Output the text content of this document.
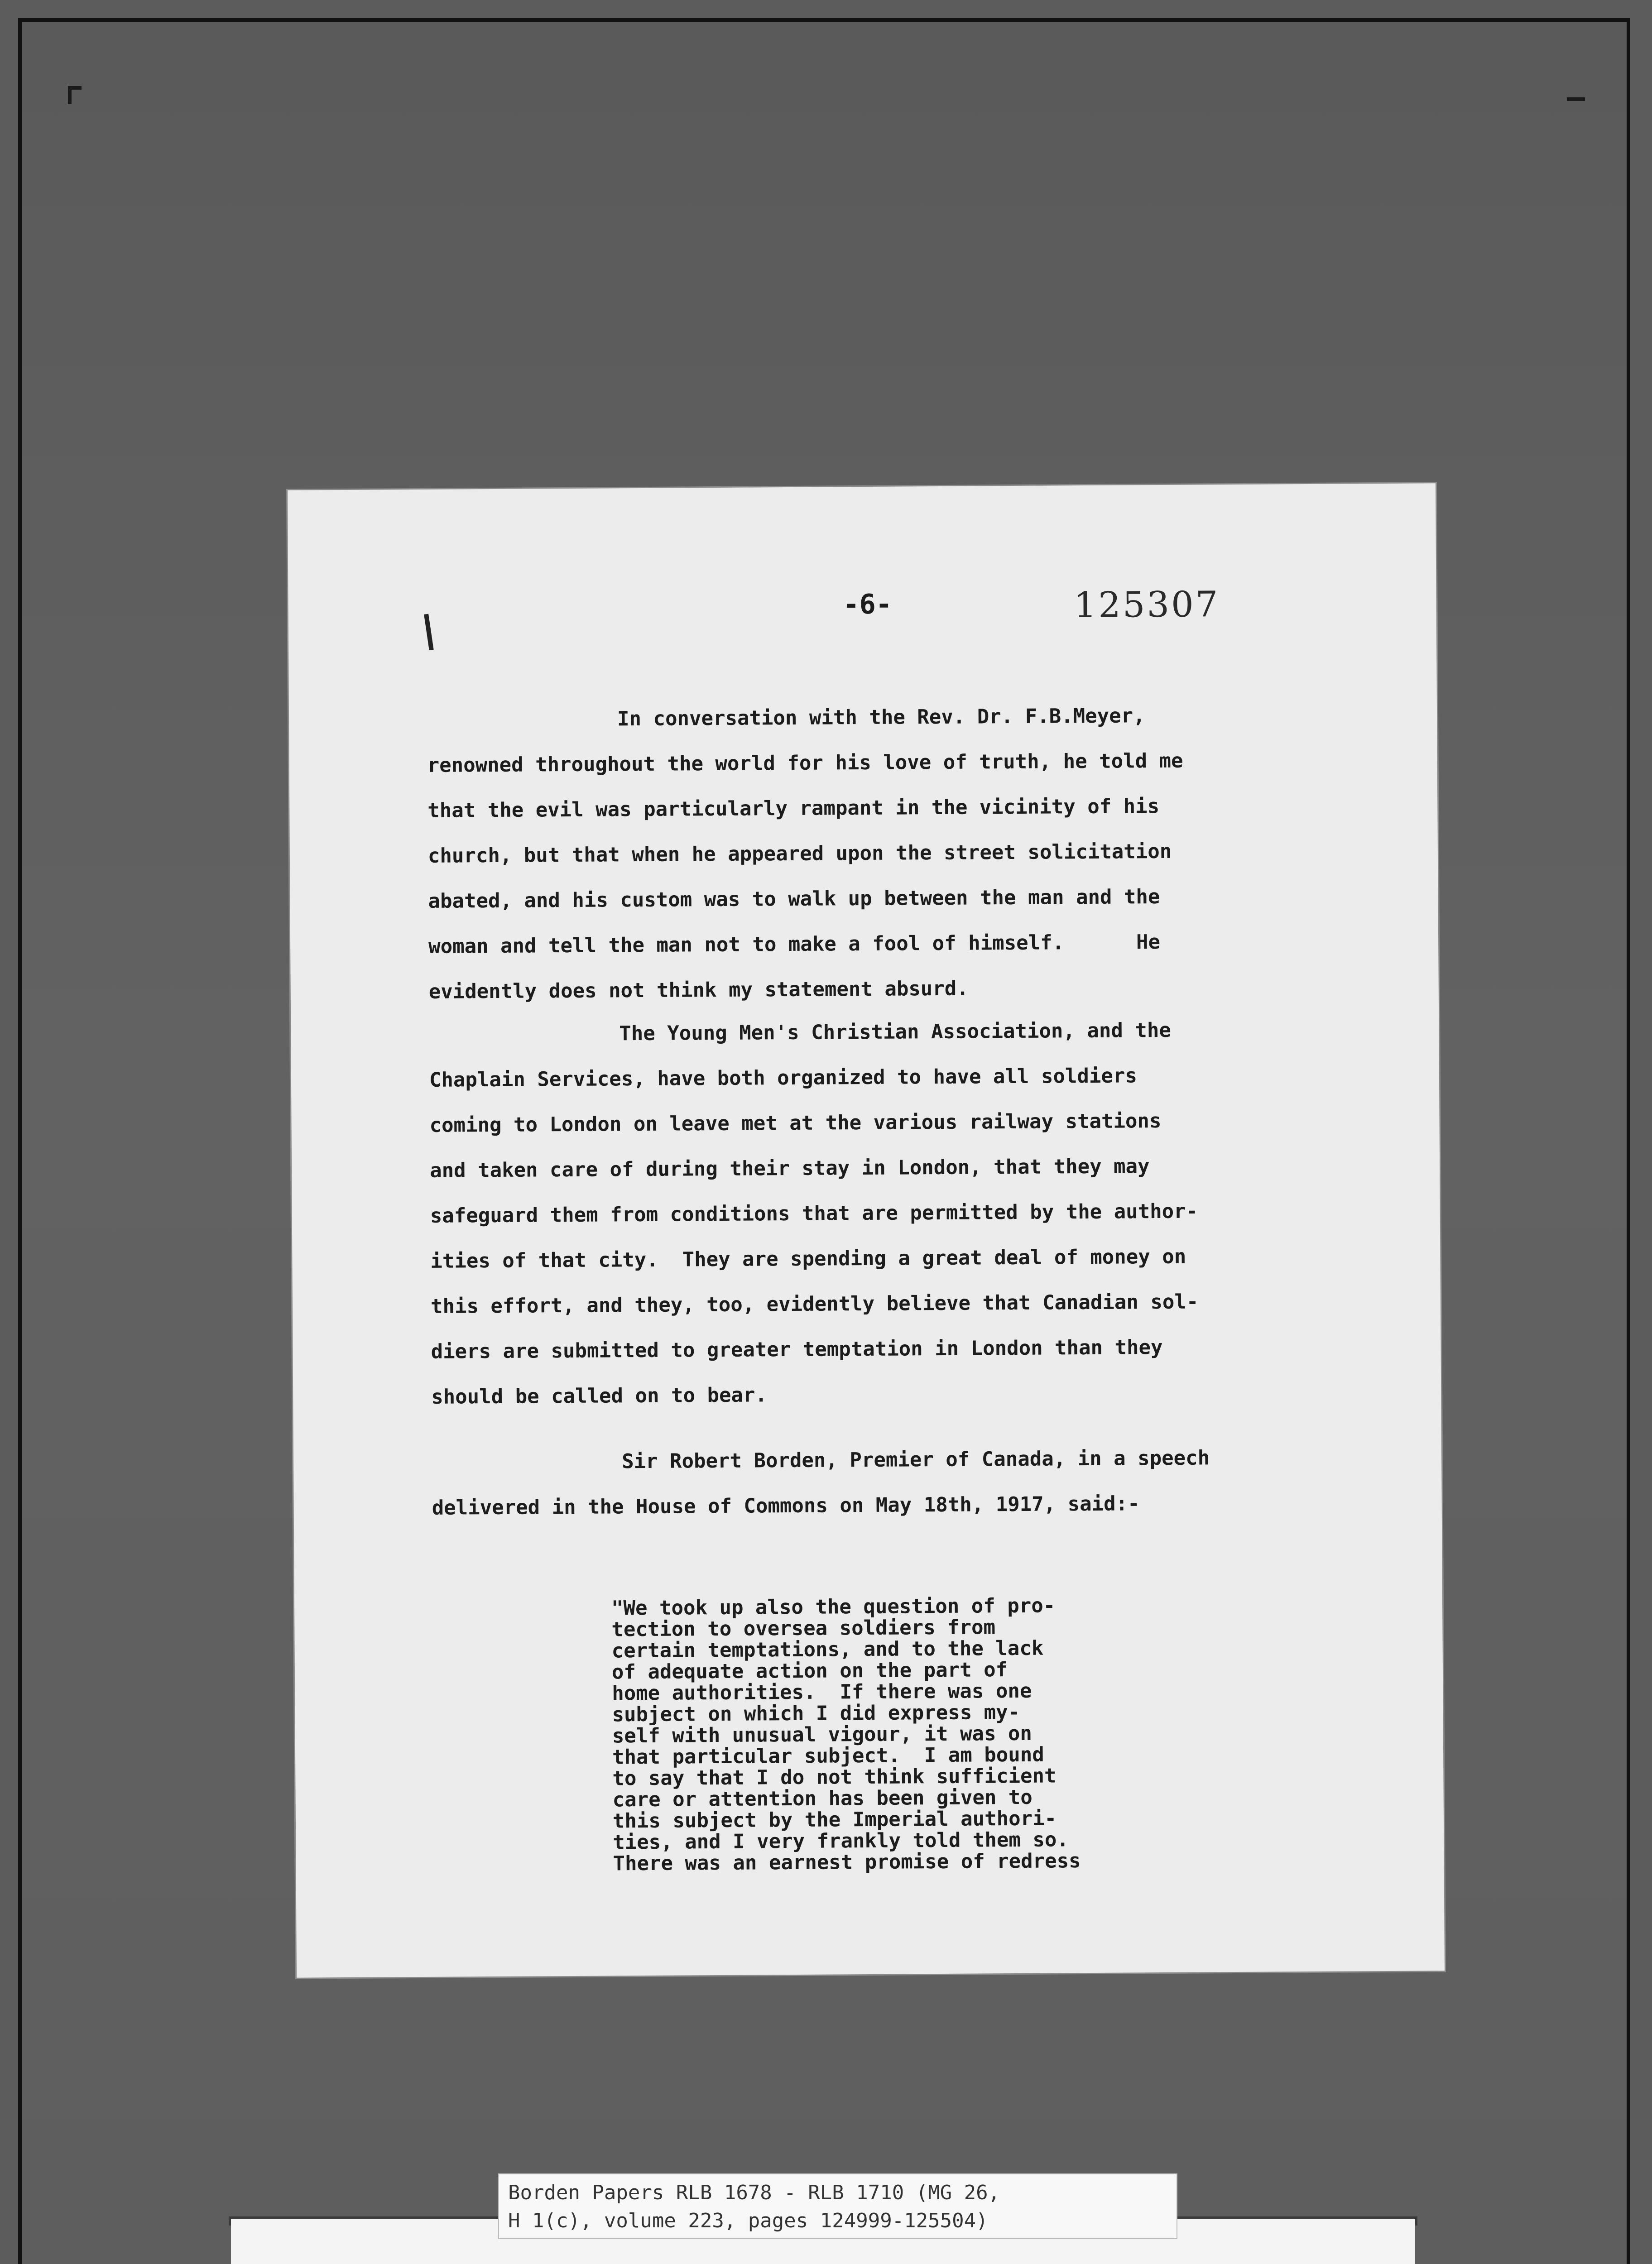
-6-	125307

In conversation with the Rev. Dr. F.B.Meyer,
renowned throughout the world for his love of truth, he told me
that the evil was particularly rampant in the vicinity of his
church, but that when he appeared upon the street solicitation
abated, and his custom was to walk up between the man and the
woman and tell the man not to make a fool of himself.      He
evidently does not think my statement absurd.

The Young Men's Christian Association, and the
Chaplain Services, have both organized to have all soldiers
coming to London on leave met at the various railway stations
and taken care of during their stay in London, that they may
safeguard them from conditions that are permitted by the author-
ities of that city.  They are spending a great deal of money on
this effort, and they, too, evidently believe that Canadian sol-
diers are submitted to greater temptation in London than they
should be called on to bear.

Sir Robert Borden, Premier of Canada, in a speech
delivered in the House of Commons on May 18th, 1917, said:-

"We took up also the question of pro-
tection to oversea soldiers from
certain temptations, and to the lack
of adequate action on the part of
home authorities.  If there was one
subject on which I did express my-
self with unusual vigour, it was on
that particular subject.  I am bound
to say that I do not think sufficient
care or attention has been given to
this subject by the Imperial authori-
ties, and I very frankly told them so.
There was an earnest promise of redress

Borden Papers RLB 1678 - RLB 1710 (MG 26,
H 1(c), volume 223, pages 124999-125504)
